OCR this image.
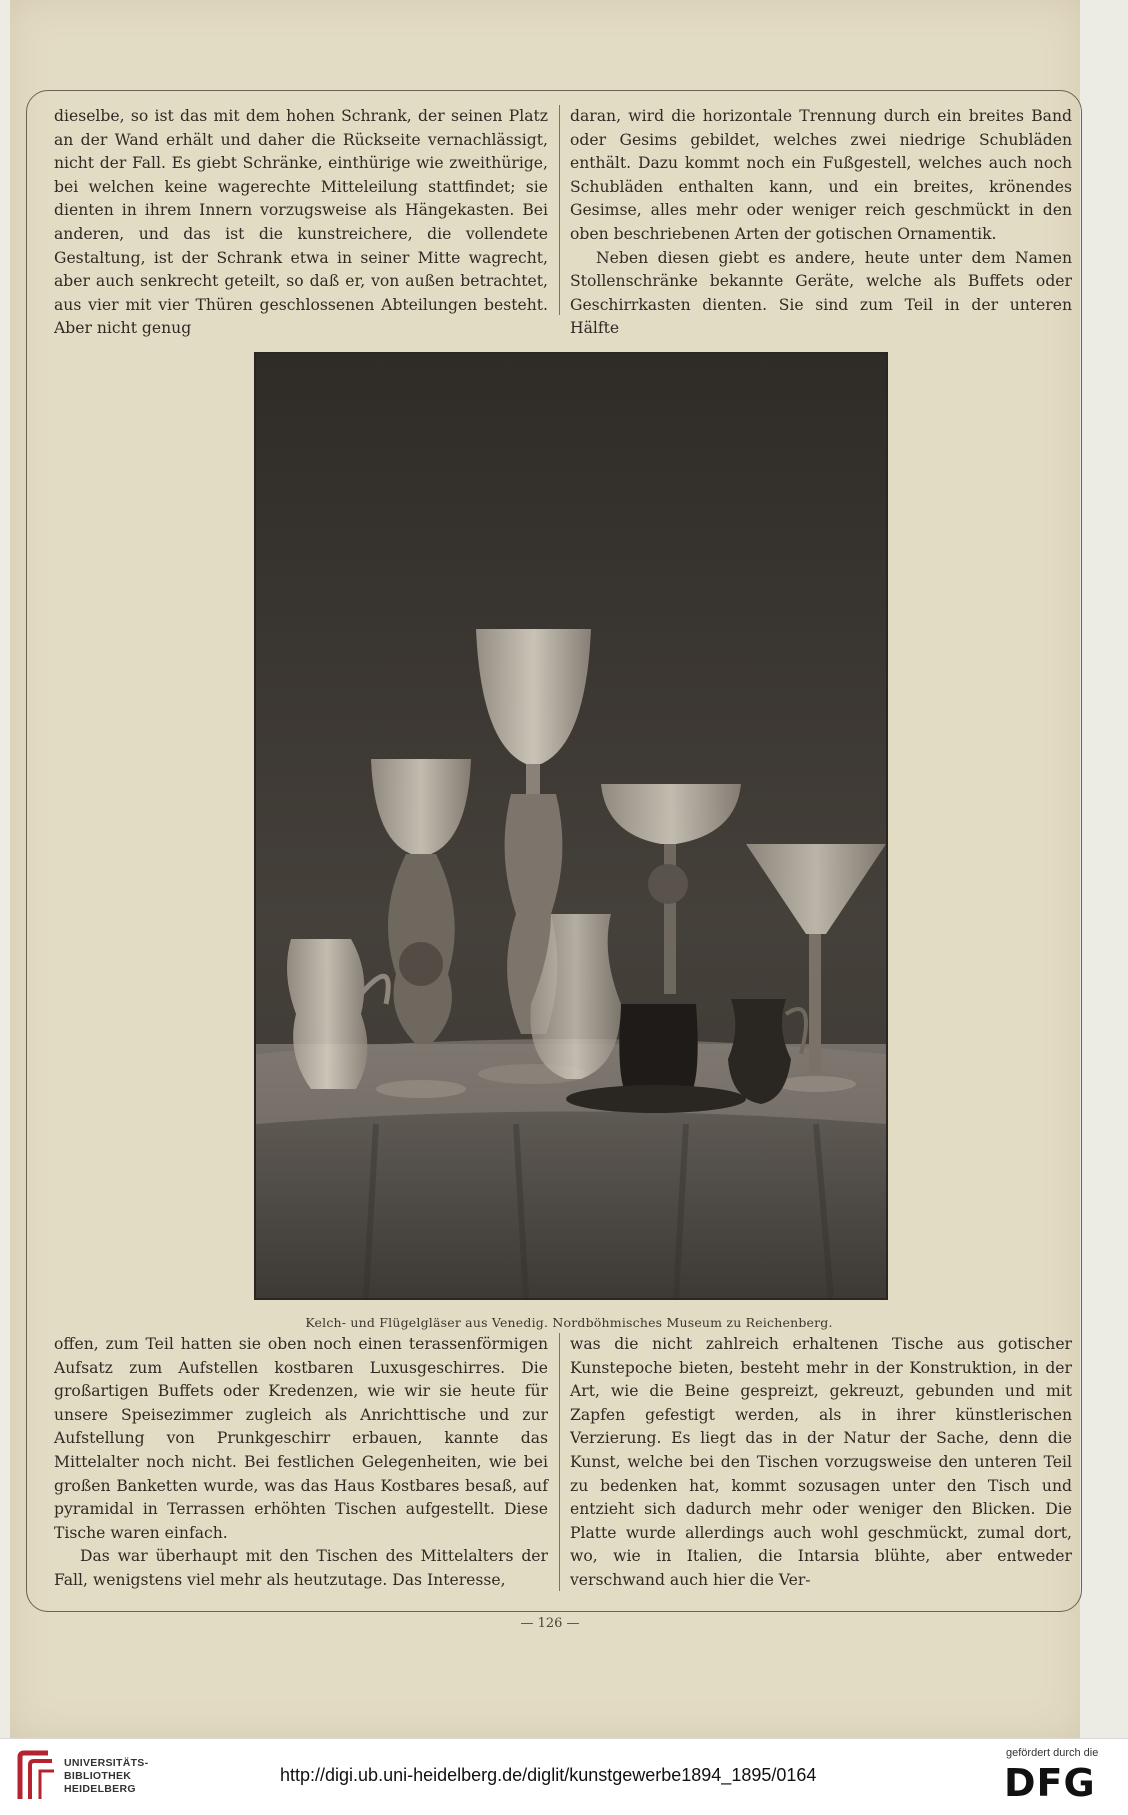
dieselbe, so ist das mit dem hohen Schrank, der seinen Platz an der Wand erhält und daher die Rückseite vernachlässigt, nicht der Fall. Es giebt Schränke, einthürige wie zweithürige, bei welchen keine wagerechte Mitteleilung stattfindet; sie dienten in ihrem Innern vorzugsweise als Hängekasten. Bei anderen, und das ist die kunstreichere, die vollendete Gestaltung, ist der Schrank etwa in seiner Mitte wagrecht, aber auch senkrecht geteilt, so daß er, von außen betrachtet, aus vier mit vier Thüren geschlossenen Abteilungen besteht. Aber nicht genug

daran, wird die horizontale Trennung durch ein breites Band oder Gesims gebildet, welches zwei niedrige Schubläden enthält. Dazu kommt noch ein Fußgestell, welches auch noch Schubläden enthalten kann, und ein breites, krönendes Gesimse, alles mehr oder weniger reich geschmückt in den oben beschriebenen Arten der gotischen Ornamentik.

Neben diesen giebt es andere, heute unter dem Namen Stollenschränke bekannte Geräte, welche als Buffets oder Geschirrkasten dienten. Sie sind zum Teil in der unteren Hälfte

Kelch- und Flügelgläser aus Venedig. Nordböhmisches Museum zu Reichenberg.

offen, zum Teil hatten sie oben noch einen terassenförmigen Aufsatz zum Aufstellen kostbaren Luxusgeschirres. Die großartigen Buffets oder Kredenzen, wie wir sie heute für unsere Speisezimmer zugleich als Anrichttische und zur Aufstellung von Prunkgeschirr erbauen, kannte das Mittelalter noch nicht. Bei festlichen Gelegenheiten, wie bei großen Banketten wurde, was das Haus Kostbares besaß, auf pyramidal in Terrassen erhöhten Tischen aufgestellt. Diese Tische waren einfach.

Das war überhaupt mit den Tischen des Mittelalters der Fall, wenigstens viel mehr als heutzutage. Das Interesse,

was die nicht zahlreich erhaltenen Tische aus gotischer Kunstepoche bieten, besteht mehr in der Konstruktion, in der Art, wie die Beine gespreizt, gekreuzt, gebunden und mit Zapfen gefestigt werden, als in ihrer künstlerischen Verzierung. Es liegt das in der Natur der Sache, denn die Kunst, welche bei den Tischen vorzugsweise den unteren Teil zu bedenken hat, kommt sozusagen unter den Tisch und entzieht sich dadurch mehr oder weniger den Blicken. Die Platte wurde allerdings auch wohl geschmückt, zumal dort, wo, wie in Italien, die Intarsia blühte, aber entweder verschwand auch hier die Ver-

— 126 —
UNIVERSITÄTS-
BIBLIOTHEK
HEIDELBERG
http://digi.ub.uni-heidelberg.de/diglit/kunstgewerbe1894_1895/0164
gefördert durch die
DFG
